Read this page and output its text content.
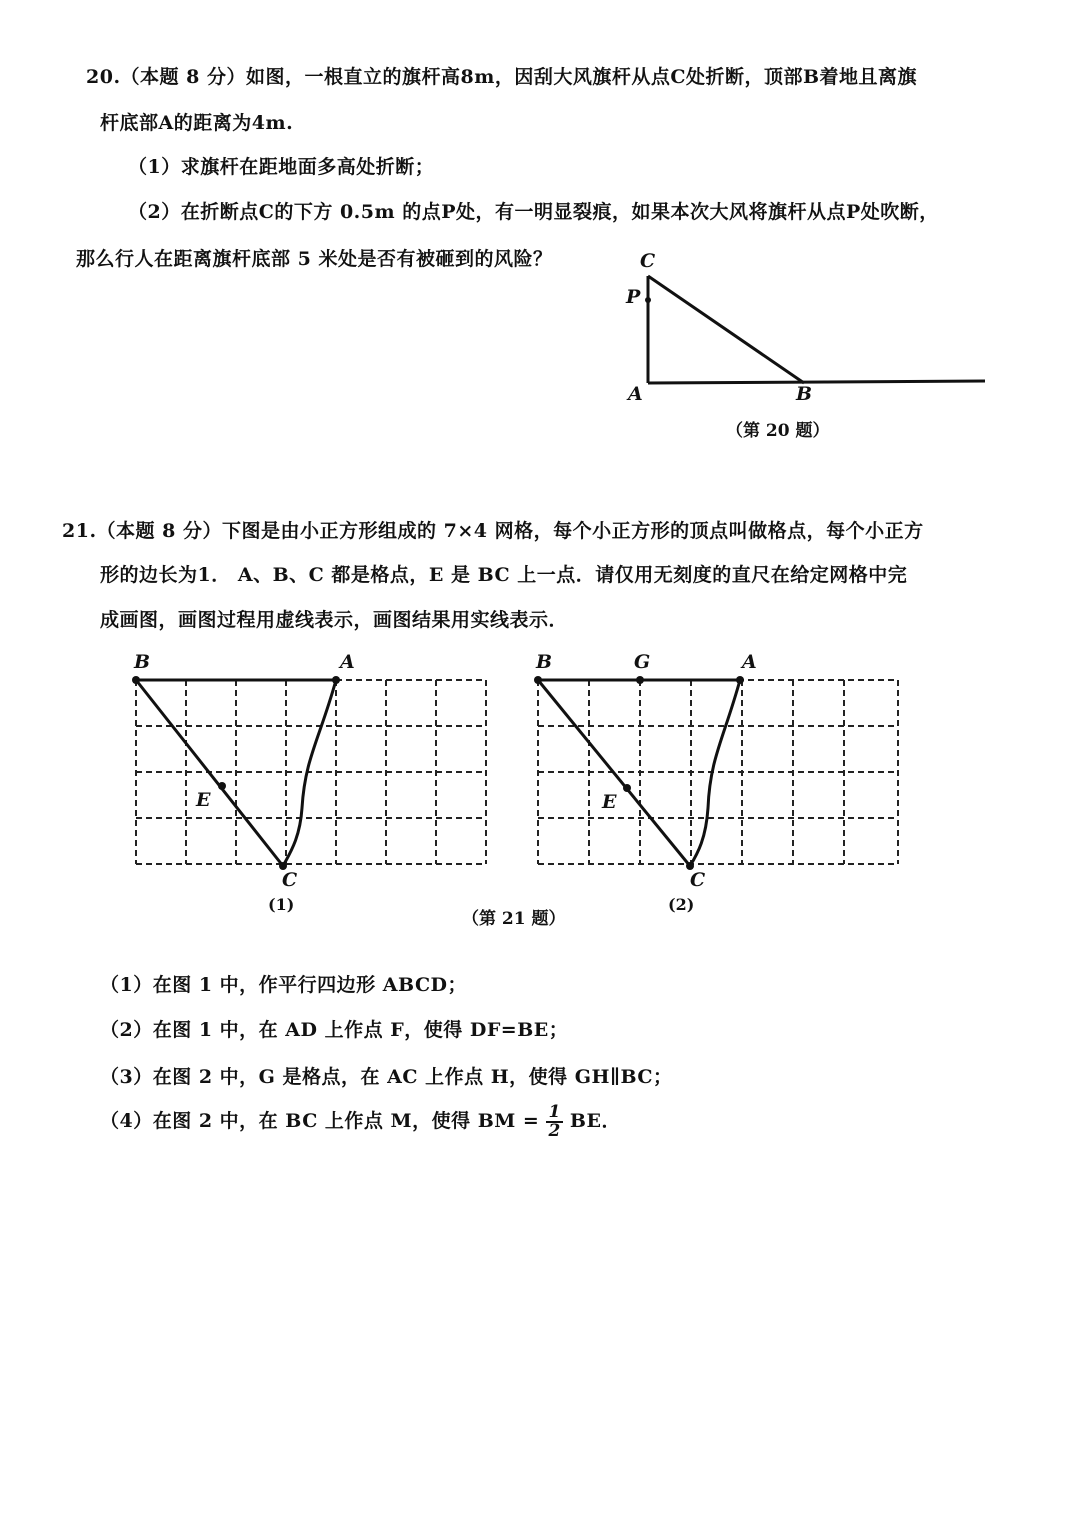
20.（本题 8 分）如图，一根直立的旗杆高8m，因刮大风旗杆从点C处折断，顶部B着地且离旗
杆底部A的距离为4m.
（1）求旗杆在距地面多高处折断；
（2）在折断点C的下方 0.5m 的点P处，有一明显裂痕，如果本次大风将旗杆从点P处吹断，
那么行人在距离旗杆底部 5 米处是否有被砸到的风险？	C
P
A	B
（第 20 题）
21.（本题 8 分）下图是由小正方形组成的 7×4 网格，每个小正方形的顶点叫做格点，每个小正方
形的边长为1． A、B、C 都是格点，E 是 BC 上一点．请仅用无刻度的直尺在给定网格中完
成画图，画图过程用虚线表示，画图结果用实线表示．
B	A
E
C
(1)
B	G	A
E
C
(2)
（第 21 题）
（1）在图 1 中，作平行四边形 ABCD；
（2）在图 1 中，在 AD 上作点 F，使得 DF=BE；
（3）在图 2 中，G 是格点，在 AC 上作点 H，使得 GH∥BC；
（4）在图 2 中，在 BC 上作点 M，使得 BM = $\frac{1}{2}$ BE．
